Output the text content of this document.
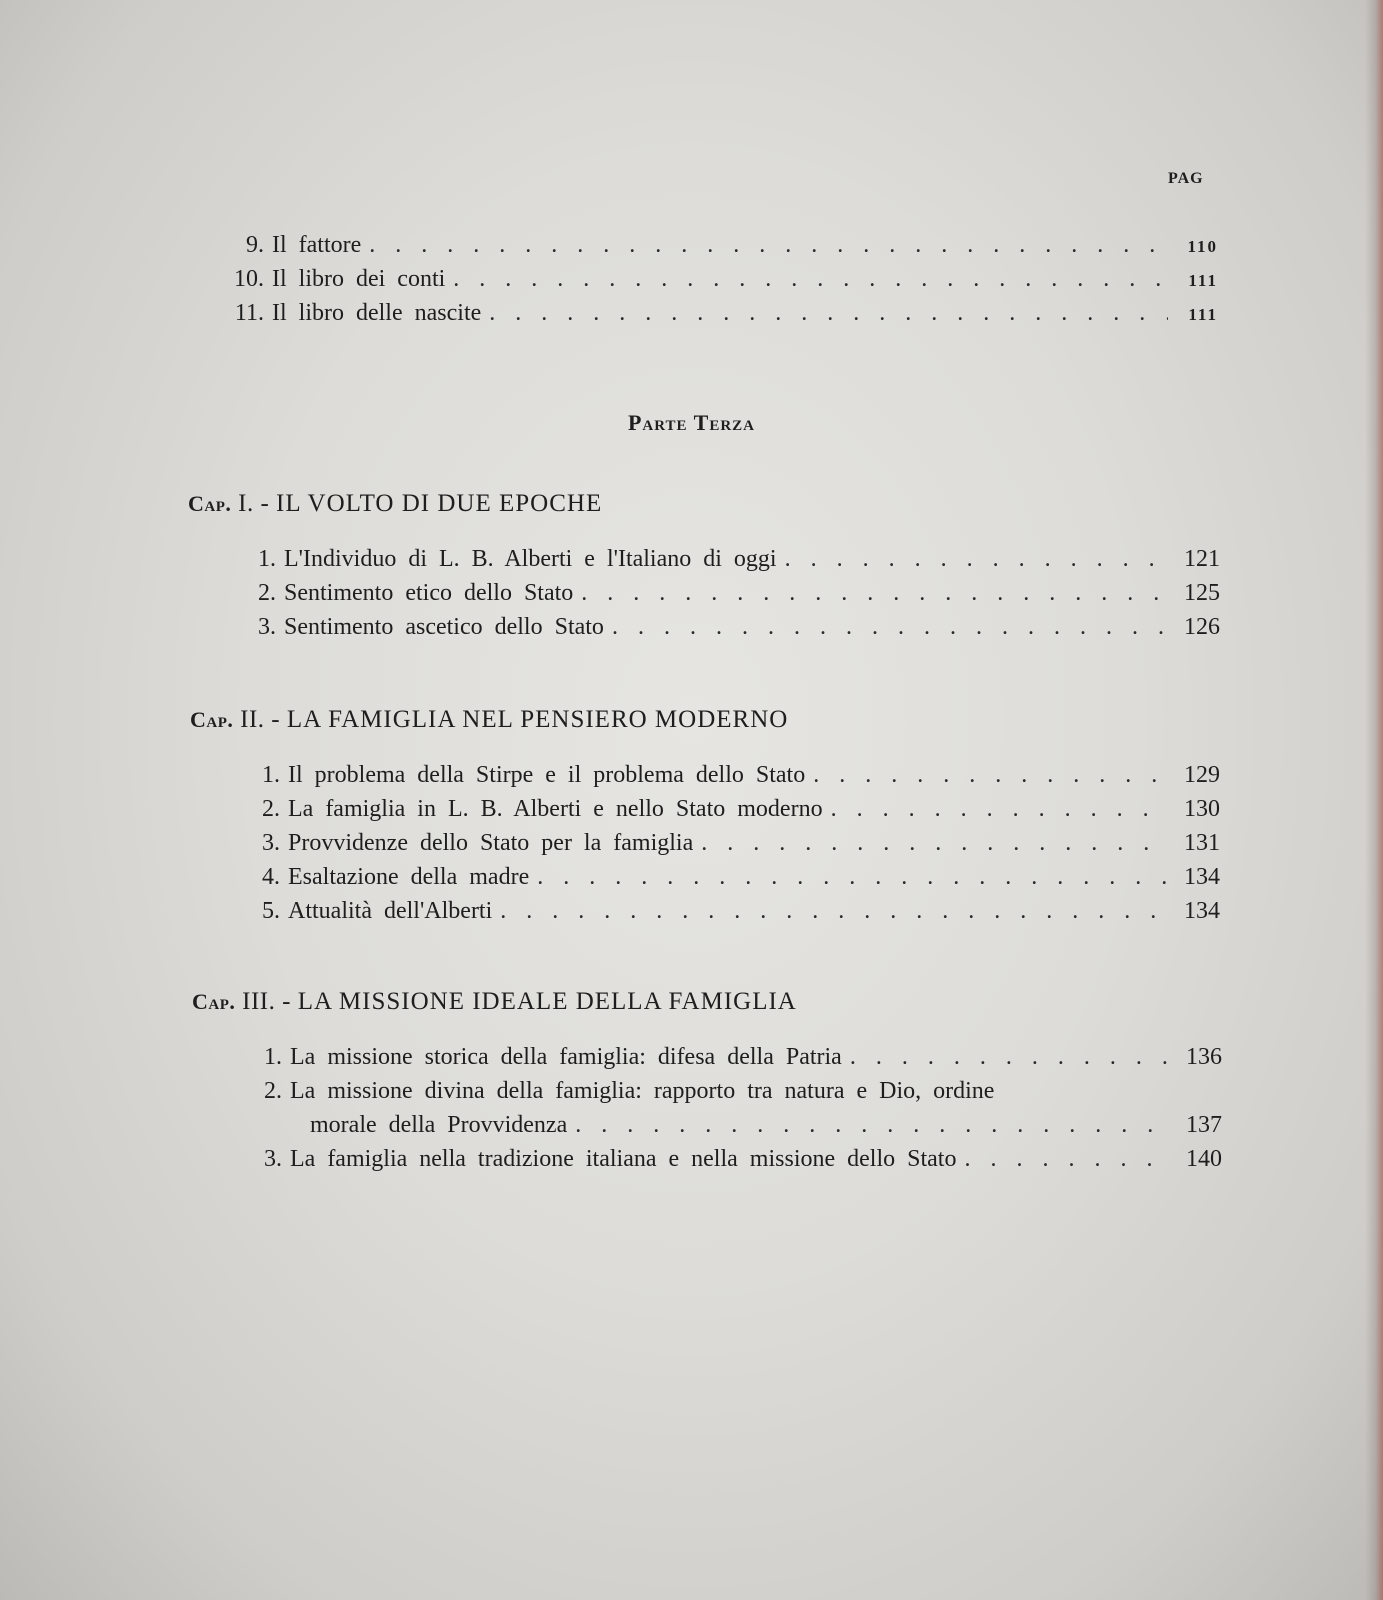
PAG
9. Il fattore . . .	110
10. Il libro dei conti . . .	111
11. Il libro delle nascite . . .	111
Parte Terza
Cap. I. - IL VOLTO DI DUE EPOCHE
1. L'Individuo di L. B. Alberti e l'Italiano di oggi . . .	121
2. Sentimento etico dello Stato . . .	125
3. Sentimento ascetico dello Stato . . .	126
Cap. II. - LA FAMIGLIA NEL PENSIERO MODERNO
1. Il problema della Stirpe e il problema dello Stato . . .	129
2. La famiglia in L. B. Alberti e nello Stato moderno . . .	130
3. Provvidenze dello Stato per la famiglia . . .	131
4. Esaltazione della madre . . .	134
5. Attualità dell'Alberti . . .	134
Cap. III. - LA MISSIONE IDEALE DELLA FAMIGLIA
1. La missione storica della famiglia: difesa della Patria . . .	136
2. La missione divina della famiglia: rapporto tra natura e Dio, ordine
morale della Provvidenza . . .	137
3. La famiglia nella tradizione italiana e nella missione dello Stato . . .	140
